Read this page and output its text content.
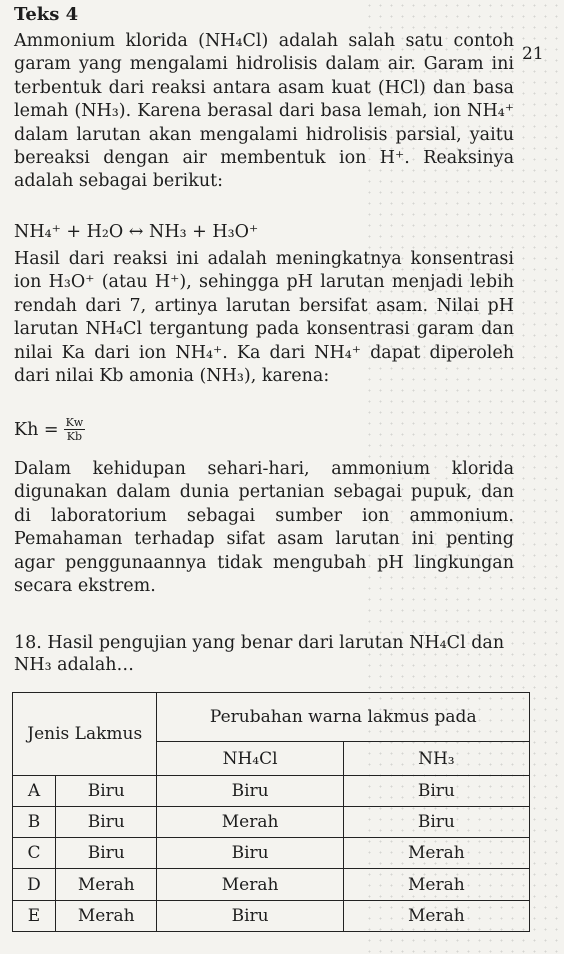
Teks 4
21
Ammonium klorida (NH₄Cl) adalah salah satu contoh garam yang mengalami hidrolisis dalam air. Garam ini terbentuk dari reaksi antara asam kuat (HCl) dan basa lemah (NH₃). Karena berasal dari basa lemah, ion NH₄⁺ dalam larutan akan mengalami hidrolisis parsial, yaitu bereaksi dengan air membentuk ion H⁺. Reaksinya adalah sebagai berikut:
NH₄⁺ + H₂O ↔ NH₃ + H₃O⁺
Hasil dari reaksi ini adalah meningkatnya konsentrasi ion H₃O⁺ (atau H⁺), sehingga pH larutan menjadi lebih rendah dari 7, artinya larutan bersifat asam. Nilai pH larutan NH₄Cl tergantung pada konsentrasi garam dan nilai Ka dari ion NH₄⁺. Ka dari NH₄⁺ dapat diperoleh dari nilai Kb amonia (NH₃), karena:
$Kh = \frac{Kw}{Kb}$
Dalam kehidupan sehari-hari, ammonium klorida digunakan dalam dunia pertanian sebagai pupuk, dan di laboratorium sebagai sumber ion ammonium. Pemahaman terhadap sifat asam larutan ini penting agar penggunaannya tidak mengubah pH lingkungan secara ekstrem.
18. Hasil pengujian yang benar dari larutan NH₄Cl dan NH₃ adalah…
Jenis Lakmus		Perubahan warna lakmus pada	
		NH₄Cl	NH₃
A	Biru	Biru	Biru
B	Biru	Merah	Biru
C	Biru	Biru	Merah
D	Merah	Merah	Merah
E	Merah	Biru	Merah
